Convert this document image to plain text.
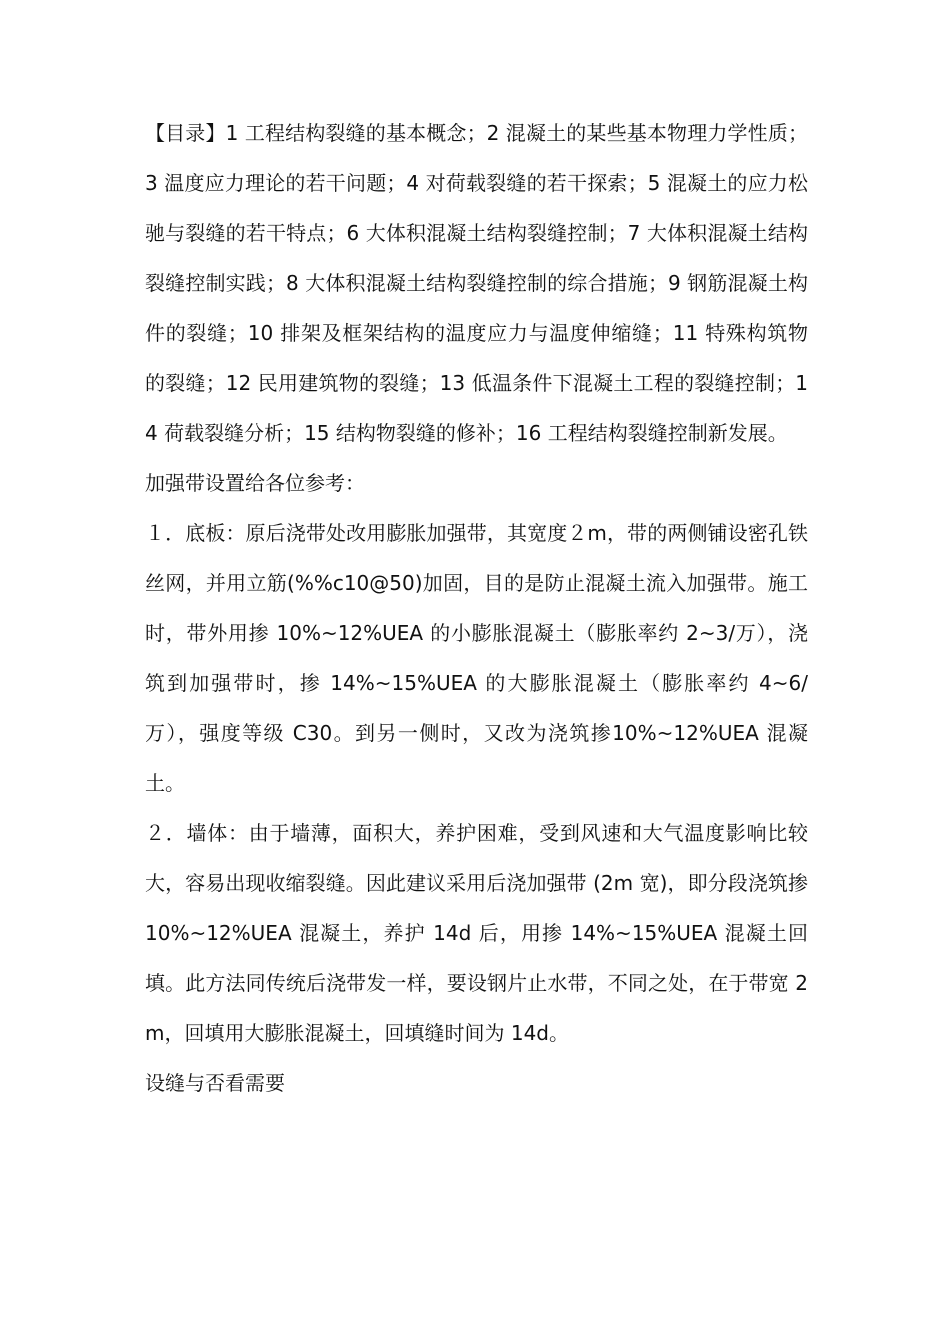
【目录】1 工程结构裂缝的基本概念；2 混凝土的某些基本物理力学性质；3 温度应力理论的若干问题；4 对荷载裂缝的若干探索；5 混凝土的应力松驰与裂缝的若干特点；6 大体积混凝土结构裂缝控制；7 大体积混凝土结构裂缝控制实践；8 大体积混凝土结构裂缝控制的综合措施；9 钢筋混凝土构件的裂缝；10 排架及框架结构的温度应力与温度伸缩缝；11 特殊构筑物的裂缝；12 民用建筑物的裂缝；13 低温条件下混凝土工程的裂缝控制；14 荷载裂缝分析；15 结构物裂缝的修补；16 工程结构裂缝控制新发展。

加强带设置给各位参考：

１．底板：原后浇带处改用膨胀加强带，其宽度２m，带的两侧铺设密孔铁丝网，并用立筋(%%c10@50)加固，目的是防止混凝土流入加强带。施工时，带外用掺 10%~12%UEA 的小膨胀混凝土（膨胀率约 2~3/万），浇筑到加强带时，掺 14%~15%UEA 的大膨胀混凝土（膨胀率约 4~6/万），强度等级 C30。到另一侧时，又改为浇筑掺10%~12%UEA 混凝土。

２．墙体：由于墙薄，面积大，养护困难，受到风速和大气温度影响比较大，容易出现收缩裂缝。因此建议采用后浇加强带 (2m 宽)，即分段浇筑掺 10%~12%UEA 混凝土，养护 14d 后，用掺 14%~15%UEA 混凝土回填。此方法同传统后浇带发一样，要设钢片止水带，不同之处，在于带宽 2m，回填用大膨胀混凝土，回填缝时间为 14d。

设缝与否看需要
